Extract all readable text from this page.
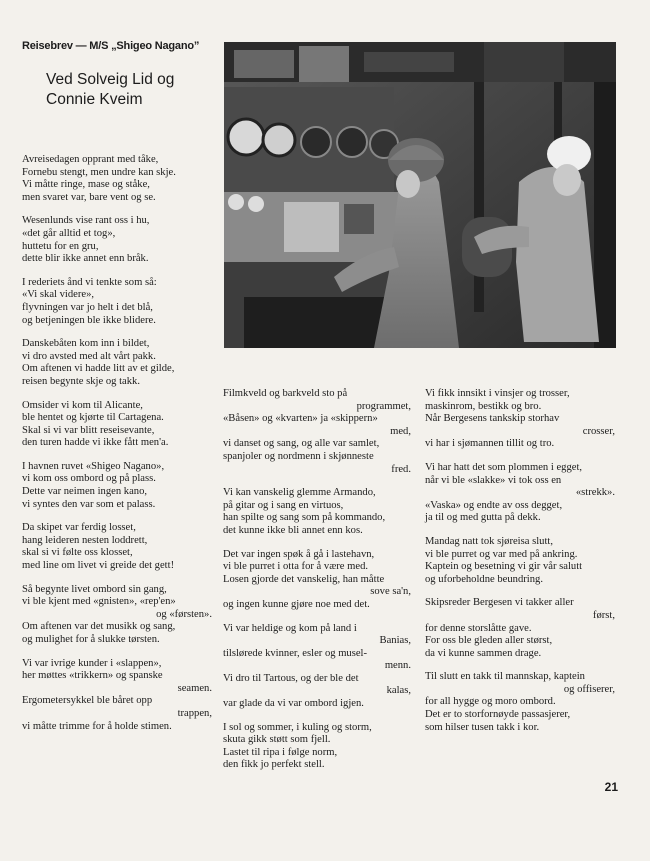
Reisebrev — M/S „Shigeo Nagano”
Ved Solveig Lid og
Connie Kveim
Avreisedagen opprant med tåke,
Fornebu stengt, men undre kan skje.
Vi måtte ringe, mase og ståke,
men svaret var, bare vent og se.
Wesenlunds vise rant oss i hu,
«det går alltid et tog»,
huttetu for en gru,
dette blir ikke annet enn bråk.
I rederiets ånd vi tenkte som så:
«Vi skal videre»,
flyvningen var jo helt i det blå,
og betjeningen ble ikke blidere.
Danskebåten kom inn i bildet,
vi dro avsted med alt vårt pakk.
Om aftenen vi hadde litt av et gilde,
reisen begynte skje og takk.
Omsider vi kom til Alicante,
ble hentet og kjørte til Cartagena.
Skal si vi var blitt reseisevante,
den turen hadde vi ikke fått men'a.
I havnen ruvet «Shigeo Nagano»,
vi kom oss ombord og på plass.
Dette var neimen ingen kano,
vi syntes den var som et palass.
Da skipet var ferdig losset,
hang leideren nesten loddrett,
skal si vi følte oss klosset,
med line om livet vi greide det gett!
Så begynte livet ombord sin gang,
vi ble kjent med «gnisten», «rep'en»
og «førsten».
Om aftenen var det musikk og sang,
og mulighet for å slukke tørsten.
Vi var ivrige kunder i «slappen»,
her møttes «trikkern» og spanske
seamen.
Ergometersykkel ble båret opp
trappen,
vi måtte trimme for å holde stimen.
Filmkveld og barkveld sto på
programmet,
«Båsen» og «kvarten» ja «skippern»
med,
vi danset og sang, og alle var samlet,
spanjoler og nordmenn i skjønneste
fred.
Vi kan vanskelig glemme Armando,
på gitar og i sang en virtuos,
han spilte og sang som på kommando,
det kunne ikke bli annet enn kos.
Det var ingen spøk å gå i lastehavn,
vi ble purret i otta for å være med.
Losen gjorde det vanskelig, han måtte
sove sa'n,
og ingen kunne gjøre noe med det.
Vi var heldige og kom på land i
Banias,
tilslørede kvinner, esler og musel-
menn.
Vi dro til Tartous, og der ble det
kalas,
var glade da vi var ombord igjen.
I sol og sommer, i kuling og storm,
skuta gikk støtt som fjell.
Lastet til ripa i følge norm,
den fikk jo perfekt stell.
Vi fikk innsikt i vinsjer og trosser,
maskinrom, bestikk og bro.
Når Bergesens tankskip storhav
crosser,
vi har i sjømannen tillit og tro.
Vi har hatt det som plommen i egget,
når vi ble «slakke» vi tok oss en
«strekk».
«Vaska» og endte av oss degget,
ja til og med gutta på dekk.
Mandag natt tok sjøreisa slutt,
vi ble purret og var med på ankring.
Kaptein og besetning vi gir vår salutt
og uforbeholdne beundring.
Skipsreder Bergesen vi takker aller
først,
for denne storslåtte gave.
For oss ble gleden aller størst,
da vi kunne sammen drage.
Til slutt en takk til mannskap, kaptein
og offiserer,
for all hygge og moro ombord.
Det er to storfornøyde passasjerer,
som hilser tusen takk i kor.
21
